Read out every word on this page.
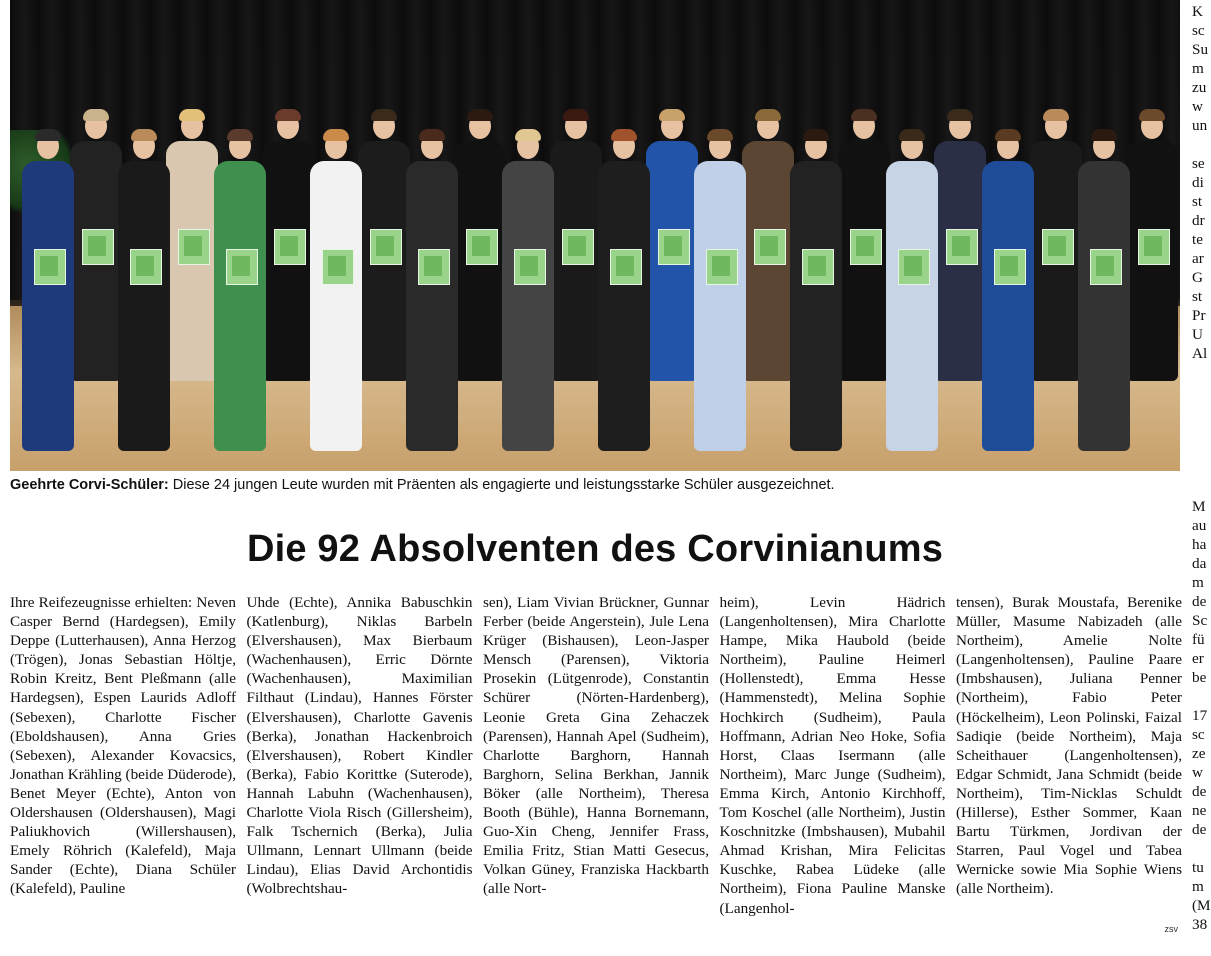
Geehrte Corvi-Schüler: Diese 24 jungen Leute wurden mit Präenten als engagierte und leistungsstarke Schüler ausgezeichnet.
Die 92 Absolventen des Corvinianums
Ihre Reifezeugnisse erhielten: Neven Casper Bernd (Hardegsen), Emily Deppe (Lutterhausen), Anna Herzog (Trögen), Jonas Sebastian Höltje, Robin Kreitz, Bent Pleßmann (alle Hardegsen), Espen Laurids Adloff (Sebexen), Charlotte Fischer (Eboldshausen), Anna Gries (Sebexen), Alexander Kovacsics, Jonathan Krähling (beide Düderode), Benet Meyer (Echte), Anton von Oldershausen (Oldershausen), Magi Paliukhovich (Willershausen), Emely Röhrich (Kalefeld), Maja Sander (Echte), Diana Schüler (Kalefeld), Pauline
Uhde (Echte), Annika Babuschkin (Katlenburg), Niklas Barbeln (Elvershausen), Max Bierbaum (Wachenhausen), Erric Dörnte (Wachenhausen), Maximilian Filthaut (Lindau), Hannes Förster (Elvershausen), Charlotte Gavenis (Berka), Jonathan Hackenbroich (Elvershausen), Robert Kindler (Berka), Fabio Korittke (Suterode), Hannah Labuhn (Wachenhausen), Charlotte Viola Risch (Gillersheim), Falk Tschernich (Berka), Julia Ullmann, Lennart Ullmann (beide Lindau), Elias David Archontidis (Wolbrechtshau-
sen), Liam Vivian Brückner, Gunnar Ferber (beide Angerstein), Jule Lena Krüger (Bishausen), Leon-Jasper Mensch (Parensen), Viktoria Prosekin (Lütgenrode), Constantin Schürer (Nörten-Hardenberg), Leonie Greta Gina Zehaczek (Parensen), Hannah Apel (Sudheim), Charlotte Barghorn, Hannah Barghorn, Selina Berkhan, Jannik Böker (alle Northeim), Theresa Booth (Bühle), Hanna Bornemann, Guo-Xin Cheng, Jennifer Frass, Emilia Fritz, Stian Matti Gesecus, Volkan Güney, Franziska Hackbarth (alle Nort-
heim), Levin Hädrich (Langenholtensen), Mira Charlotte Hampe, Mika Haubold (beide Northeim), Pauline Heimerl (Hollenstedt), Emma Hesse (Hammenstedt), Melina Sophie Hochkirch (Sudheim), Paula Hoffmann, Adrian Neo Hoke, Sofia Horst, Claas Isermann (alle Northeim), Marc Junge (Sudheim), Emma Kirch, Antonio Kirchhoff, Tom Koschel (alle Northeim), Justin Koschnitzke (Imbshausen), Mubahil Ahmad Krishan, Mira Felicitas Kuschke, Rabea Lüdeke (alle Northeim), Fiona Pauline Manske (Langenhol-
tensen), Burak Moustafa, Berenike Müller, Masume Nabizadeh (alle Northeim), Amelie Nolte (Langenholtensen), Pauline Paare (Imbshausen), Juliana Penner (Northeim), Fabio Peter (Höckelheim), Leon Polinski, Faizal Sadiqie (beide Northeim), Maja Scheithauer (Langenholtensen), Edgar Schmidt, Jana Schmidt (beide Northeim), Tim-Nicklas Schuldt (Hillerse), Esther Sommer, Kaan Bartu Türkmen, Jordivan der Starren, Paul Vogel und Tabea Wernicke sowie Mia Sophie Wiens (alle Northeim).
zsv
K
sc
Su
m
zu
w
un

se
di
st
dr
te
ar
G
st
Pr
U
Al
M
au
ha
da
m
de
Sc
fü
er
be

17
sc
ze
w
de
ne
de

tu
m
(M
38
